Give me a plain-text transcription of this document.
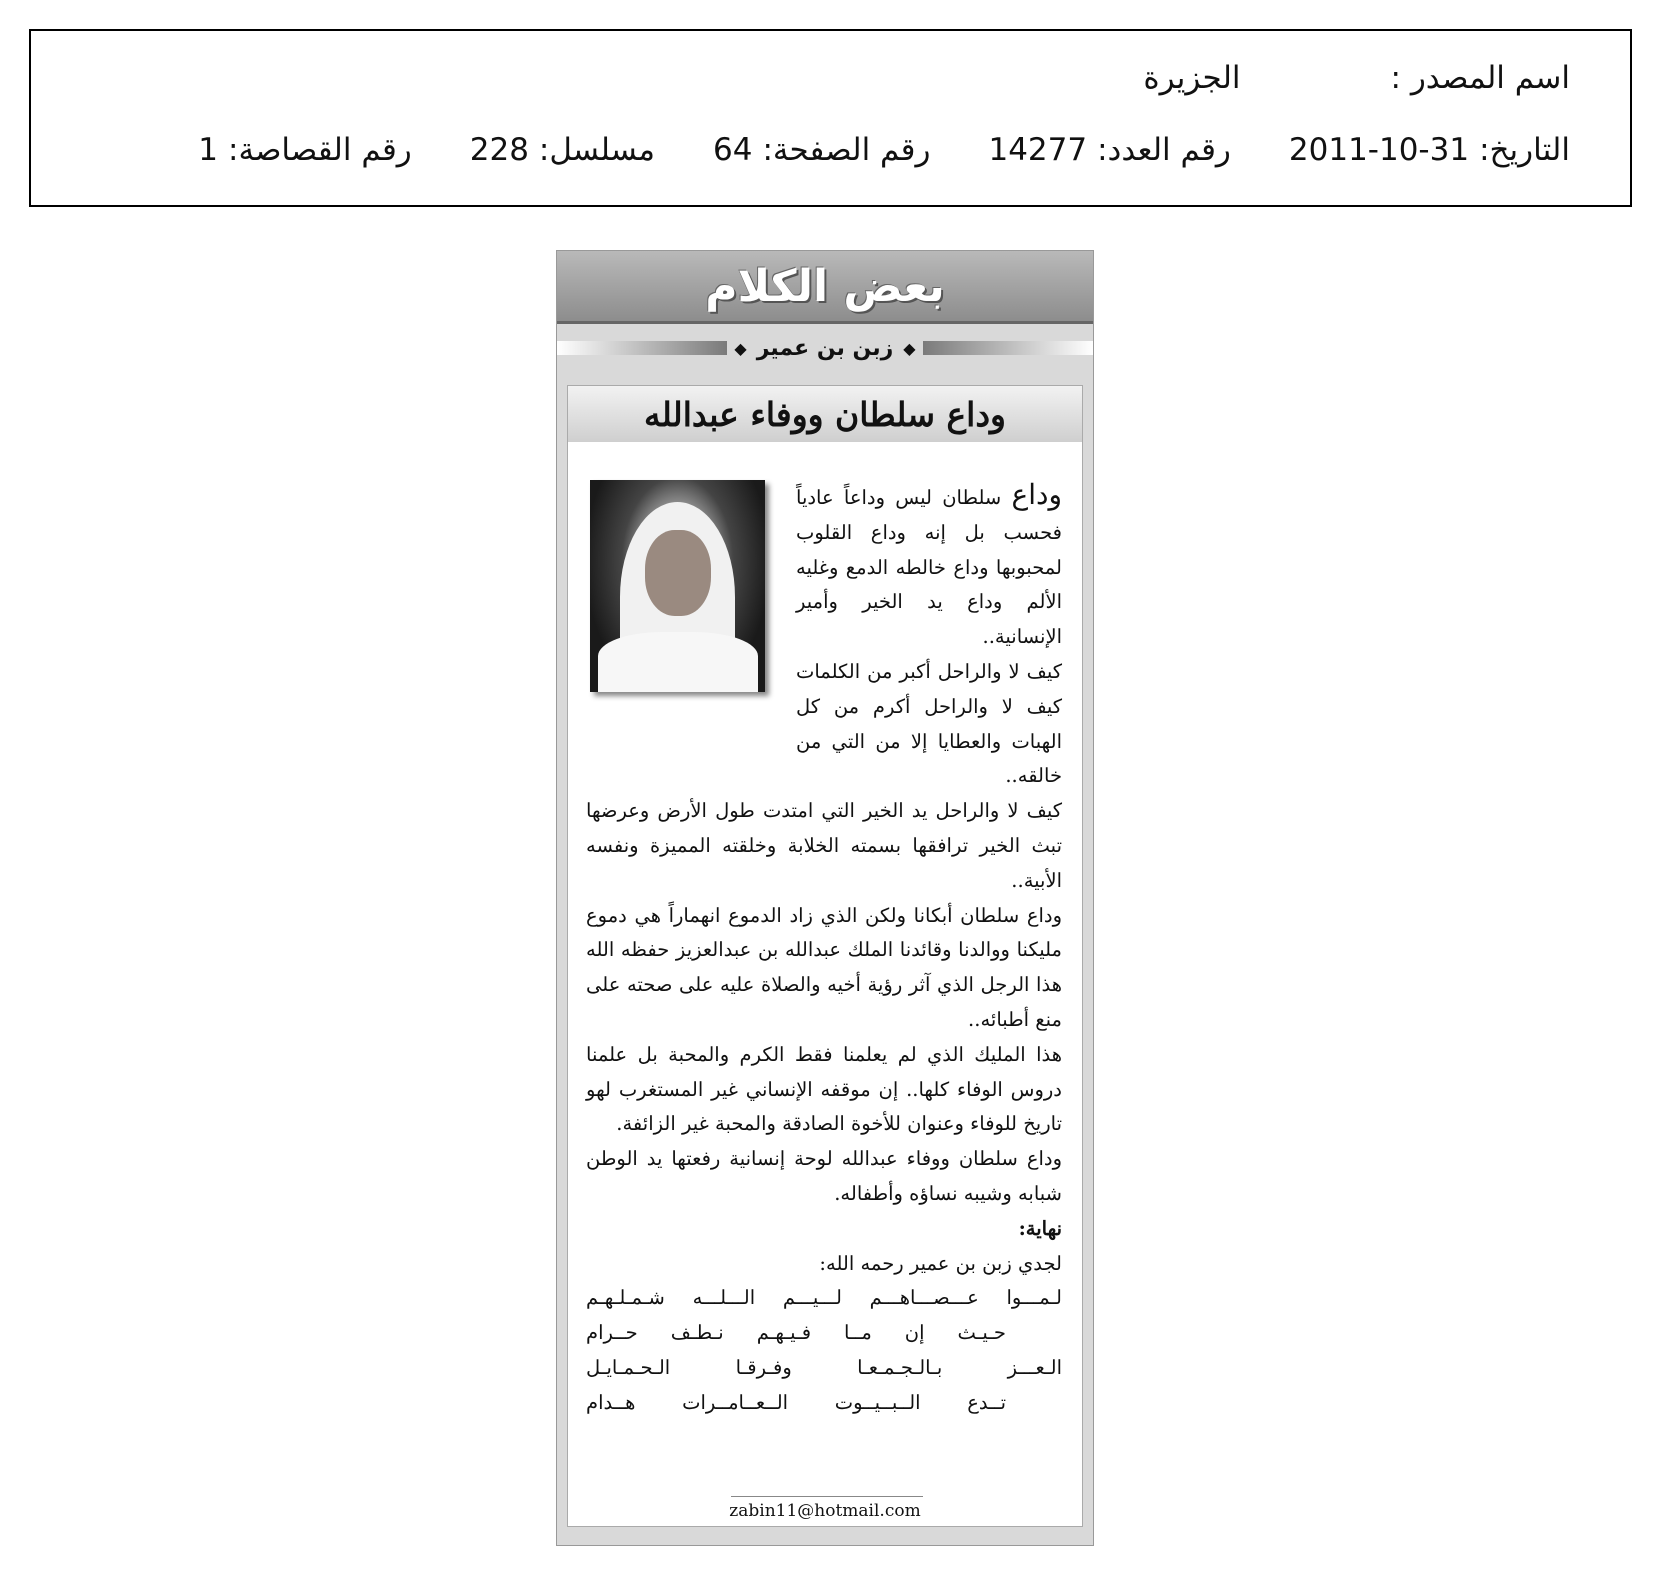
اسم المصدر :
الجزيرة
التاريخ:
2011-10-31
رقم العدد:
14277
رقم الصفحة:
64
مسلسل:
228
رقم القصاصة:
1
بعض الكلام
◆
زبن بن عمير
◆
وداع سلطان ووفاء عبدالله

وداع سلطان ليس وداعاً عادياً فحسب بل إنه وداع القلوب لمحبوبها وداع خالطه الدمع وغليه الألم وداع يد الخير وأمير الإنسانية..

كيف لا والراحل أكبر من الكلمات كيف لا والراحل أكرم من كل الهبات والعطايا إلا من التي من خالقه..

كيف لا والراحل يد الخير التي امتدت طول الأرض وعرضها تبث الخير ترافقها بسمته الخلابة وخلقته المميزة ونفسه الأبية..

وداع سلطان أبكانا ولكن الذي زاد الدموع انهماراً هي دموع مليكنا ووالدنا وقائدنا الملك عبدالله بن عبدالعزيز حفظه الله هذا الرجل الذي آثر رؤية أخيه والصلاة عليه على صحته على منع أطبائه..

هذا المليك الذي لم يعلمنا فقط الكرم والمحبة بل علمنا دروس الوفاء كلها.. إن موقفه الإنساني غير المستغرب لهو تاريخ للوفاء وعنوان للأخوة الصادقة والمحبة غير الزائفة.

وداع سلطان ووفاء عبدالله لوحة إنسانية رفعتها يد الوطن شبابه وشيبه نساؤه وأطفاله.

نهاية:

لجدي زبن بن عمير رحمه الله:

لـمـــوا عـــصـــاهـــم لـــيـــم الـــلـــه شـمـلـهـم

حـيـث إن مــا فـيـهـم نـطـف حــرام

الـعـــز بـالـجـمـعـا وفـرقـا الـحـمـايـل

تــدع الــبــيــوت الــعــامــرات هــدام

zabin11@hotmail.com
